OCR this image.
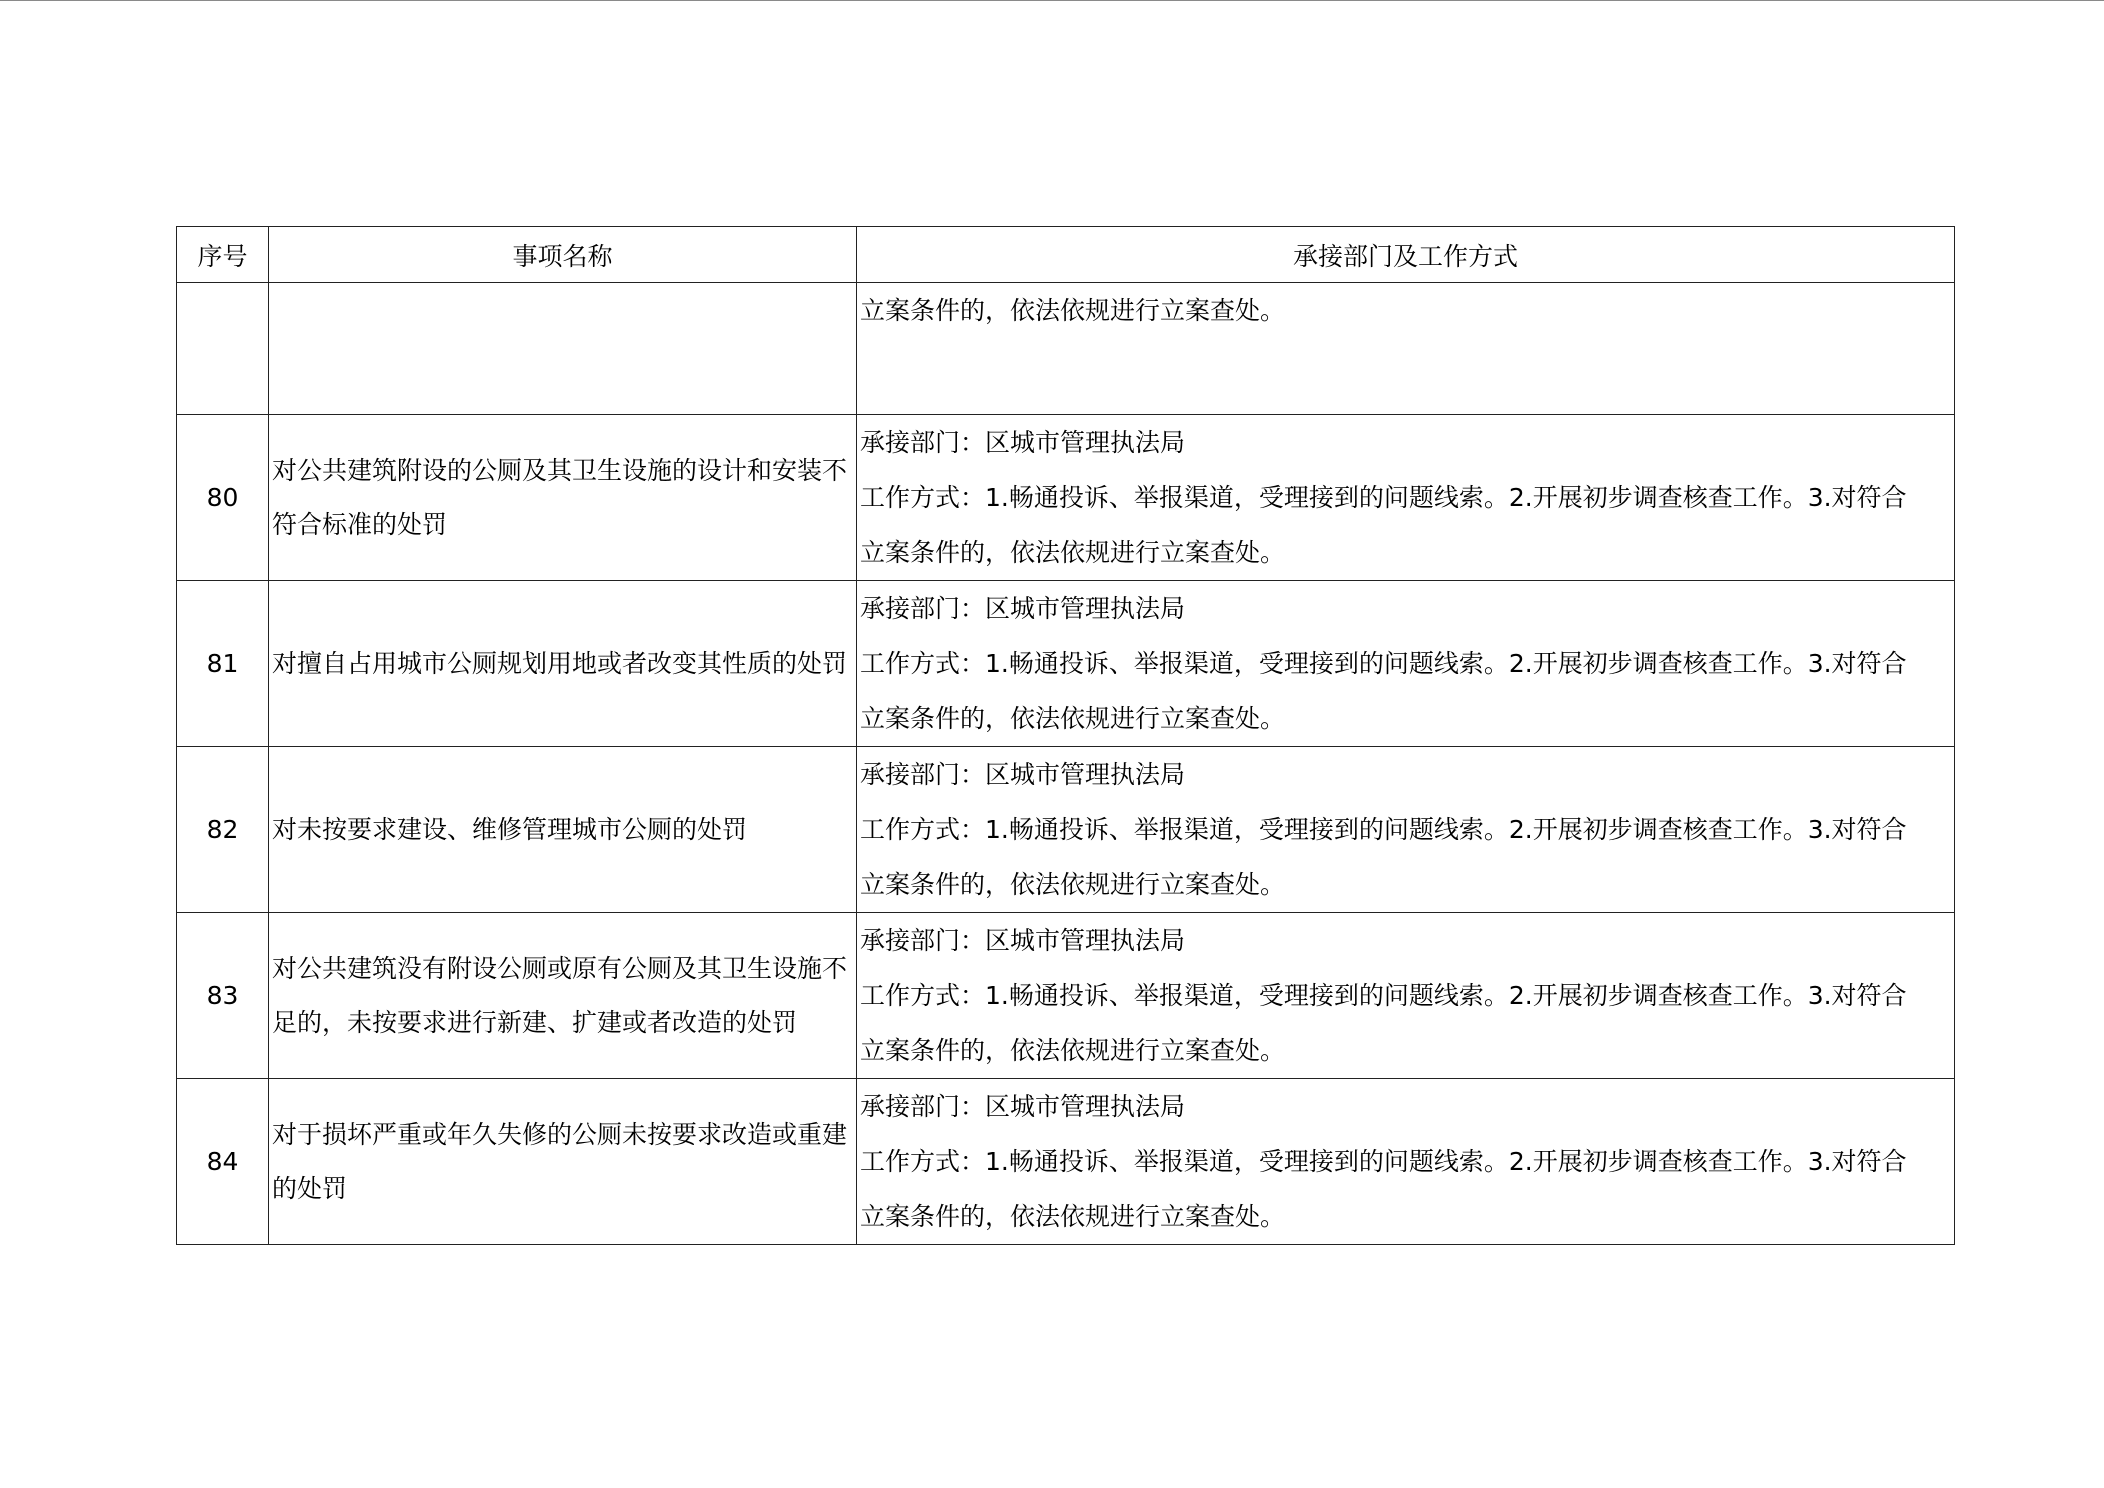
序号	事项名称	承接部门及工作方式

		立案条件的，依法依规进行立案查处。

80	对公共建筑附设的公厕及其卫生设施的设计和安装不符合标准的处罚	承接部门：区城市管理执法局
工作方式：1.畅通投诉、举报渠道，受理接到的问题线索。2.开展初步调查核查工作。3.对符合
立案条件的，依法依规进行立案查处。

81	对擅自占用城市公厕规划用地或者改变其性质的处罚	承接部门：区城市管理执法局
工作方式：1.畅通投诉、举报渠道，受理接到的问题线索。2.开展初步调查核查工作。3.对符合
立案条件的，依法依规进行立案查处。

82	对未按要求建设、维修管理城市公厕的处罚	承接部门：区城市管理执法局
工作方式：1.畅通投诉、举报渠道，受理接到的问题线索。2.开展初步调查核查工作。3.对符合
立案条件的，依法依规进行立案查处。

83	对公共建筑没有附设公厕或原有公厕及其卫生设施不足的，未按要求进行新建、扩建或者改造的处罚	承接部门：区城市管理执法局
工作方式：1.畅通投诉、举报渠道，受理接到的问题线索。2.开展初步调查核查工作。3.对符合
立案条件的，依法依规进行立案查处。

84	对于损坏严重或年久失修的公厕未按要求改造或重建的处罚	承接部门：区城市管理执法局
工作方式：1.畅通投诉、举报渠道，受理接到的问题线索。2.开展初步调查核查工作。3.对符合
立案条件的，依法依规进行立案查处。
